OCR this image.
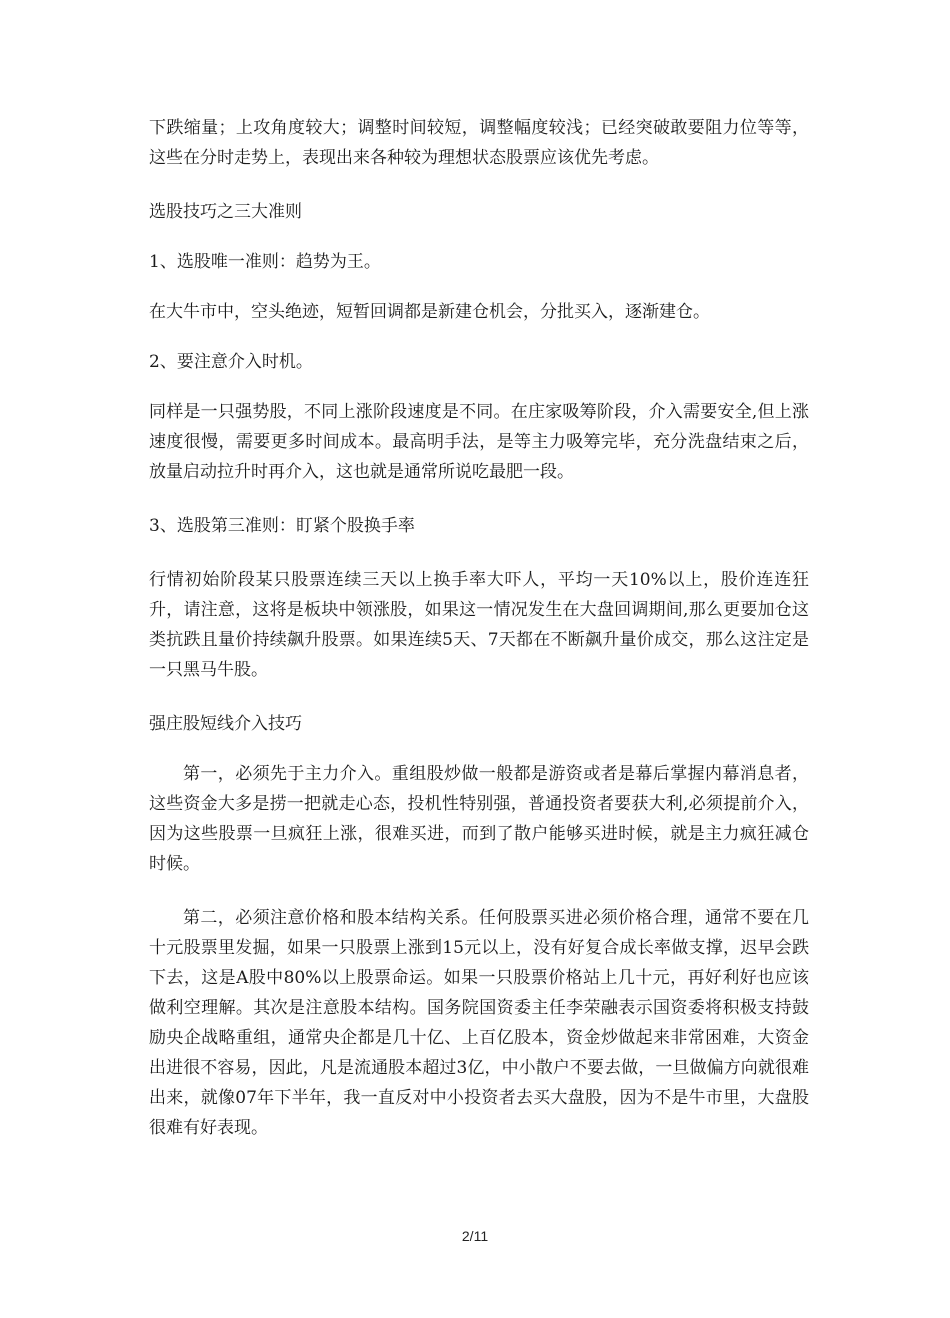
下跌缩量；上攻角度较大；调整时间较短，调整幅度较浅；已经突破敢要阻力位等等，这些在分时走势上，表现出来各种较为理想状态股票应该优先考虑。

选股技巧之三大准则

1、选股唯一准则：趋势为王。

在大牛市中，空头绝迹，短暂回调都是新建仓机会，分批买入，逐渐建仓。

2、要注意介入时机。

同样是一只强势股，不同上涨阶段速度是不同。在庄家吸筹阶段，介入需要安全,但上涨速度很慢，需要更多时间成本。最高明手法，是等主力吸筹完毕，充分洗盘结束之后，放量启动拉升时再介入，这也就是通常所说吃最肥一段。

3、选股第三准则：盯紧个股换手率

行情初始阶段某只股票连续三天以上换手率大吓人，平均一天10%以上，股价连连狂升，请注意，这将是板块中领涨股，如果这一情况发生在大盘回调期间,那么更要加仓这类抗跌且量价持续飙升股票。如果连续5天、7天都在不断飙升量价成交，那么这注定是一只黑马牛股。

强庄股短线介入技巧

第一，必须先于主力介入。重组股炒做一般都是游资或者是幕后掌握内幕消息者，这些资金大多是捞一把就走心态，投机性特别强，普通投资者要获大利,必须提前介入，因为这些股票一旦疯狂上涨，很难买进，而到了散户能够买进时候，就是主力疯狂减仓时候。

第二，必须注意价格和股本结构关系。任何股票买进必须价格合理，通常不要在几十元股票里发掘，如果一只股票上涨到15元以上，没有好复合成长率做支撑，迟早会跌下去，这是A股中80%以上股票命运。如果一只股票价格站上几十元，再好利好也应该做利空理解。其次是注意股本结构。国务院国资委主任李荣融表示国资委将积极支持鼓励央企战略重组，通常央企都是几十亿、上百亿股本，资金炒做起来非常困难，大资金出进很不容易，因此，凡是流通股本超过3亿，中小散户不要去做，一旦做偏方向就很难出来，就像07年下半年，我一直反对中小投资者去买大盘股，因为不是牛市里，大盘股很难有好表现。

2/11
